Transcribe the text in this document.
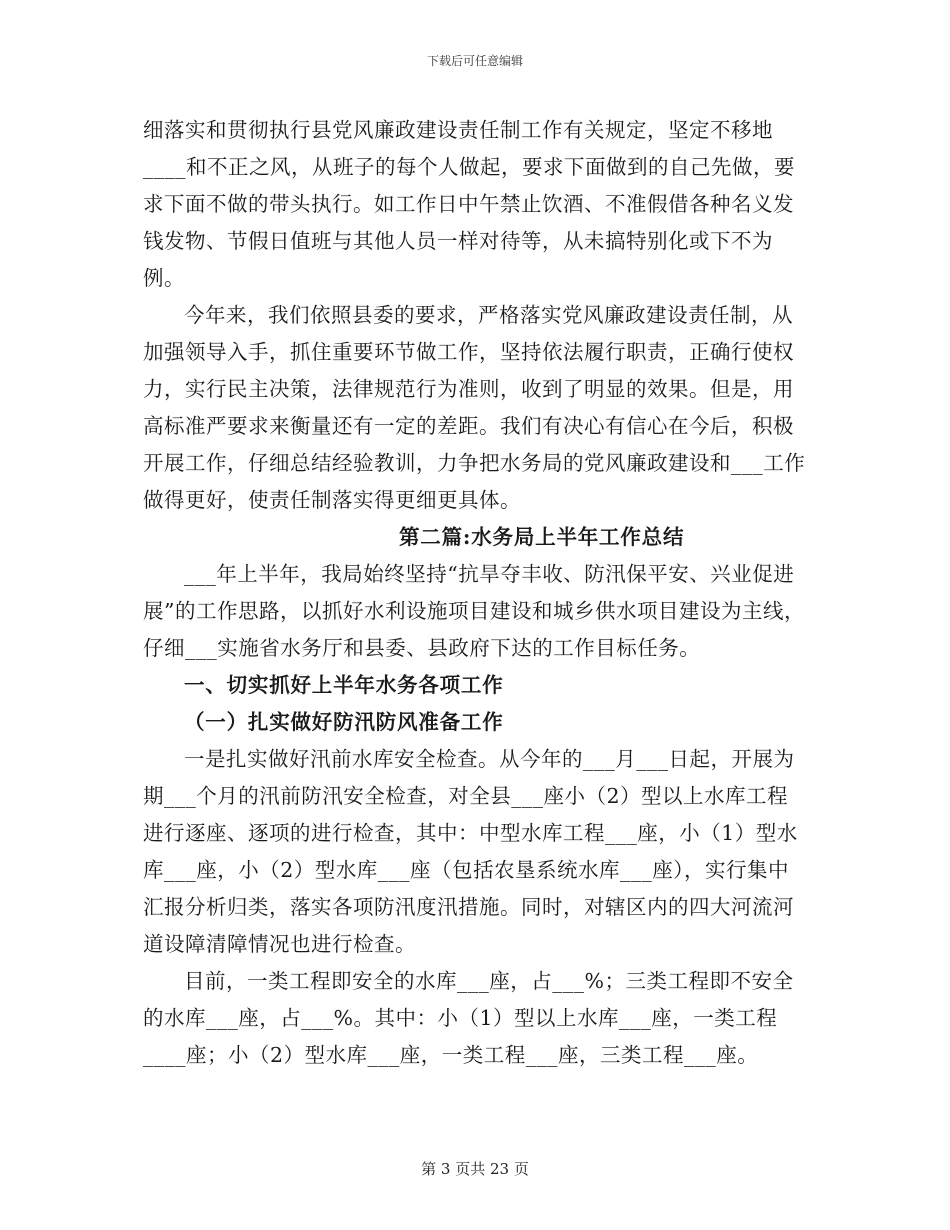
下载后可任意编辑

细落实和贯彻执行县党风廉政建设责任制工作有关规定，坚定不移地____和不正之风，从班子的每个人做起，要求下面做到的自己先做，要求下面不做的带头执行。如工作日中午禁止饮酒、不准假借各种名义发钱发物、节假日值班与其他人员一样对待等，从未搞特别化或下不为例。

今年来，我们依照县委的要求，严格落实党风廉政建设责任制，从加强领导入手，抓住重要环节做工作，坚持依法履行职责，正确行使权力，实行民主决策，法律规范行为准则，收到了明显的效果。但是，用高标准严要求来衡量还有一定的差距。我们有决心有信心在今后，积极开展工作，仔细总结经验教训，力争把水务局的党风廉政建设和___工作做得更好，使责任制落实得更细更具体。

第二篇:水务局上半年工作总结

___年上半年，我局始终坚持“抗旱夺丰收、防汛保平安、兴业促进展”的工作思路，以抓好水利设施项目建设和城乡供水项目建设为主线，仔细___实施省水务厅和县委、县政府下达的工作目标任务。

一、切实抓好上半年水务各项工作

（一）扎实做好防汛防风准备工作

一是扎实做好汛前水库安全检查。从今年的___月___日起，开展为期___个月的汛前防汛安全检查，对全县___座小（2）型以上水库工程进行逐座、逐项的进行检查，其中：中型水库工程___座，小（1）型水库___座，小（2）型水库___座（包括农垦系统水库___座），实行集中汇报分析归类，落实各项防汛度汛措施。同时，对辖区内的四大河流河道设障清障情况也进行检查。

目前，一类工程即安全的水库___座，占___%；三类工程即不安全的水库___座，占___%。其中：小（1）型以上水库___座，一类工程____座；小（2）型水库___座，一类工程___座，三类工程___座。

第 3 页共 23 页
